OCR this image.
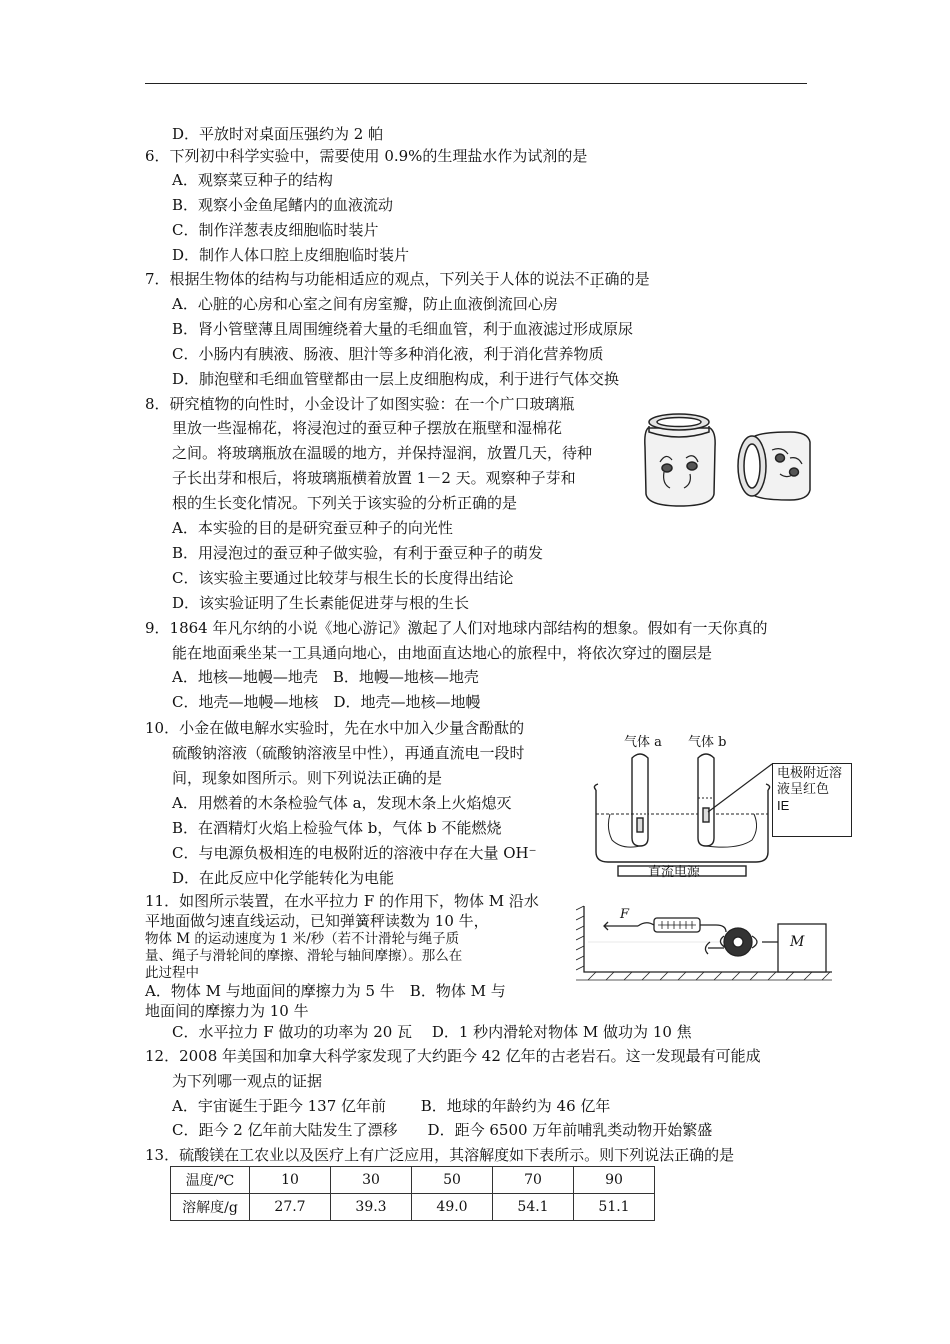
D．平放时对桌面压强约为 2 帕
6．下列初中科学实验中，需要使用 0.9%的生理盐水作为试剂的是
A．观察菜豆种子的结构
B．观察小金鱼尾鳍内的血液流动
C．制作洋葱表皮细胞临时装片
D．制作人体口腔上皮细胞临时装片
7．根据生物体的结构与功能相适应的观点，下列关于人体的说法不正确的是
A．心脏的心房和心室之间有房室瓣，防止血液倒流回心房
B．肾小管壁薄且周围缠绕着大量的毛细血管，利于血液滤过形成原尿
C．小肠内有胰液、肠液、胆汁等多种消化液，利于消化营养物质
D．肺泡壁和毛细血管壁都由一层上皮细胞构成，利于进行气体交换
8．研究植物的向性时，小金设计了如图实验：在一个广口玻璃瓶
里放一些湿棉花，将浸泡过的蚕豆种子摆放在瓶壁和湿棉花
之间。将玻璃瓶放在温暖的地方，并保持湿润，放置几天，待种
子长出芽和根后，将玻璃瓶横着放置 1－2 天。观察种子芽和
根的生长变化情况。下列关于该实验的分析正确的是
A．本实验的目的是研究蚕豆种子的向光性
B．用浸泡过的蚕豆种子做实验，有利于蚕豆种子的萌发
C．该实验主要通过比较芽与根生长的长度得出结论
D．该实验证明了生长素能促进芽与根的生长
9．1864 年凡尔纳的小说《地心游记》激起了人们对地球内部结构的想象。假如有一天你真的
能在地面乘坐某一工具通向地心，由地面直达地心的旅程中，将依次穿过的圈层是
A．地核—地幔—地壳　B．地幔—地核—地壳
C．地壳—地幔—地核　D．地壳—地核—地幔
10．小金在做电解水实验时，先在水中加入少量含酚酞的
硫酸钠溶液（硫酸钠溶液呈中性），再通直流电一段时
间，现象如图所示。则下列说法正确的是
A．用燃着的木条检验气体 a，发现木条上火焰熄灭
B．在酒精灯火焰上检验气体 b，气体 b 不能燃烧
C．与电源负极相连的电极附近的溶液中存在大量 OH⁻
D．在此反应中化学能转化为电能
气体 a 气体 b
直流电源
电极附近溶液呈红色
IE
11．如图所示装置，在水平拉力 F 的作用下，物体 M 沿水
平地面做匀速直线运动，已知弹簧秤读数为 10 牛，
物体 M 的运动速度为 1 米/秒（若不计滑轮与绳子质
量、绳子与滑轮间的摩擦、滑轮与轴间摩擦）。那么在
此过程中
A．物体 M 与地面间的摩擦力为 5 牛　B．物体 M 与
地面间的摩擦力为 10 牛
C．水平拉力 F 做功的功率为 20 瓦　 D．1 秒内滑轮对物体 M 做功为 10 焦
F
M
12．2008 年美国和加拿大科学家发现了大约距今 42 亿年的古老岩石。这一发现最有可能成
为下列哪一观点的证据
A．宇宙诞生于距今 137 亿年前　　 B．地球的年龄约为 46 亿年
C．距今 2 亿年前大陆发生了漂移　　D．距今 6500 万年前哺乳类动物开始繁盛
13．硫酸镁在工农业以及医疗上有广泛应用，其溶解度如下表所示。则下列说法正确的是
温度/℃	10	30	50	70	90
溶解度/g	27.7	39.3	49.0	54.1	51.1
